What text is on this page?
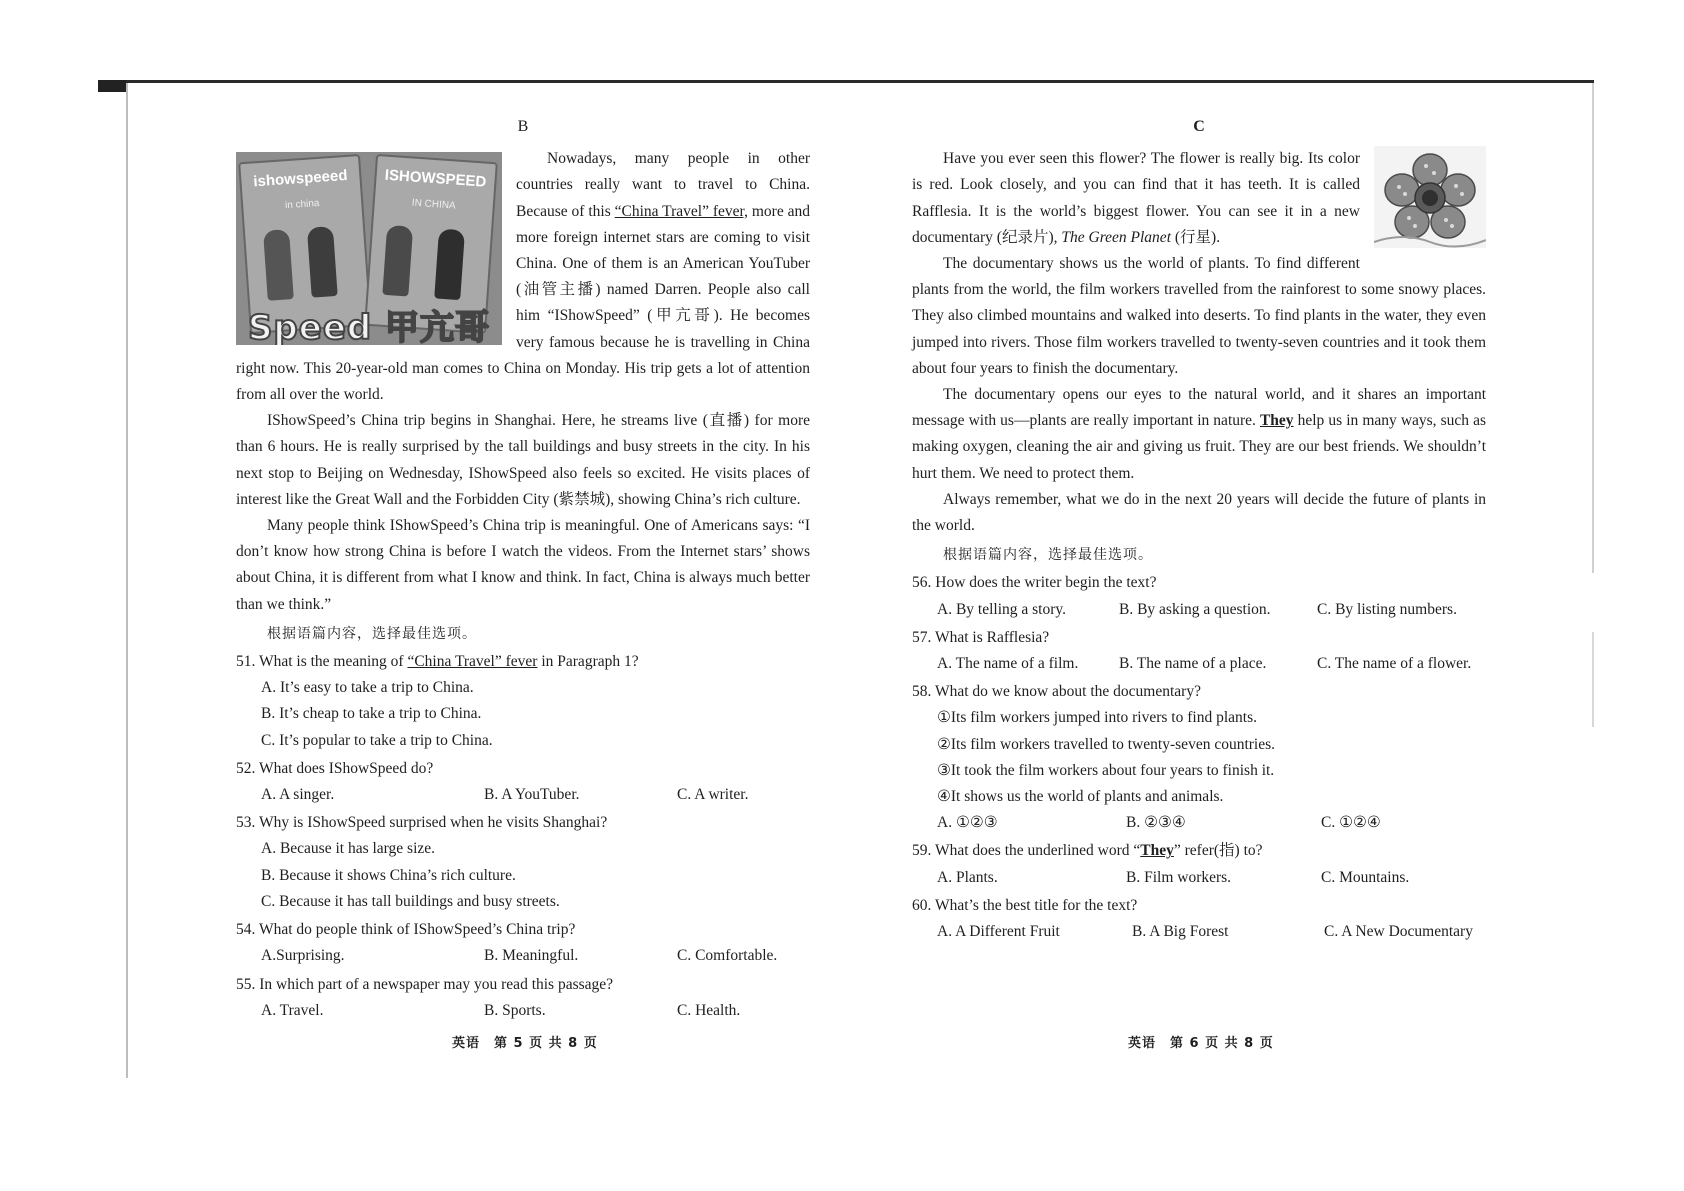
B
ishowspeeed
in china
ISHOWSPEED
IN CHINA
Speed 甲亢哥

Nowadays, many people in other countries really want to travel to China. Because of this “China Travel” fever, more and more foreign internet stars are coming to visit China. One of them is an American YouTuber (油管主播) named Darren. People also call him “IShowSpeed” (甲亢哥). He becomes very famous because he is travelling in China right now. This 20-year-old man comes to China on Monday. His trip gets a lot of attention from all over the world.

IShowSpeed’s China trip begins in Shanghai. Here, he streams live (直播) for more than 6 hours. He is really surprised by the tall buildings and busy streets in the city. In his next stop to Beijing on Wednesday, IShowSpeed also feels so excited. He visits places of interest like the Great Wall and the Forbidden City (紫禁城), showing China’s rich culture.

Many people think IShowSpeed’s China trip is meaningful. One of Americans says: “I don’t know how strong China is before I watch the videos. From the Internet stars’ shows about China, it is different from what I know and think. In fact, China is always much better than we think.”

根据语篇内容，选择最佳选项。
51. What is the meaning of “China Travel” fever in Paragraph 1?
A. It’s easy to take a trip to China.
B. It’s cheap to take a trip to China.
C. It’s popular to take a trip to China.
52. What does IShowSpeed do?
A. A singer.	B. A YouTuber.	C. A writer.
53. Why is IShowSpeed surprised when he visits Shanghai?
A. Because it has large size.
B. Because it shows China’s rich culture.
C. Because it has tall buildings and busy streets.
54. What do people think of IShowSpeed’s China trip?
A.Surprising.	B. Meaningful.	C. Comfortable.
55. In which part of a newspaper may you read this passage?
A. Travel.	B. Sports.	C. Health.
C

Have you ever seen this flower? The flower is really big. Its color is red. Look closely, and you can find that it has teeth. It is called Rafflesia. It is the world’s biggest flower. You can see it in a new documentary (纪录片), The Green Planet (行星).

The documentary shows us the world of plants. To find different plants from the world, the film workers travelled from the rainforest to some snowy places. They also climbed mountains and walked into deserts. To find plants in the water, they even jumped into rivers. Those film workers travelled to twenty-seven countries and it took them about four years to finish the documentary.

The documentary opens our eyes to the natural world, and it shares an important message with us—plants are really important in nature. They help us in many ways, such as making oxygen, cleaning the air and giving us fruit. They are our best friends. We shouldn’t hurt them. We need to protect them.

Always remember, what we do in the next 20 years will decide the future of plants in the world.

根据语篇内容，选择最佳选项。
56. How does the writer begin the text?
A. By telling a story.	B. By asking a question.	C. By listing numbers.
57. What is Rafflesia?
A. The name of a film.	B. The name of a place.	C. The name of a flower.
58. What do we know about the documentary?
①Its film workers jumped into rivers to find plants.
②Its film workers travelled to twenty-seven countries.
③It took the film workers about four years to finish it.
④It shows us the world of plants and animals.
A. ①②③	B. ②③④	C. ①②④
59. What does the underlined word “They” refer(指) to?
A. Plants.	B. Film workers.	C. Mountains.
60. What’s the best title for the text?
A. A Different Fruit	B. A Big Forest	C. A New Documentary
英语　第 5 页 共 8 页	英语　第 6 页 共 8 页
